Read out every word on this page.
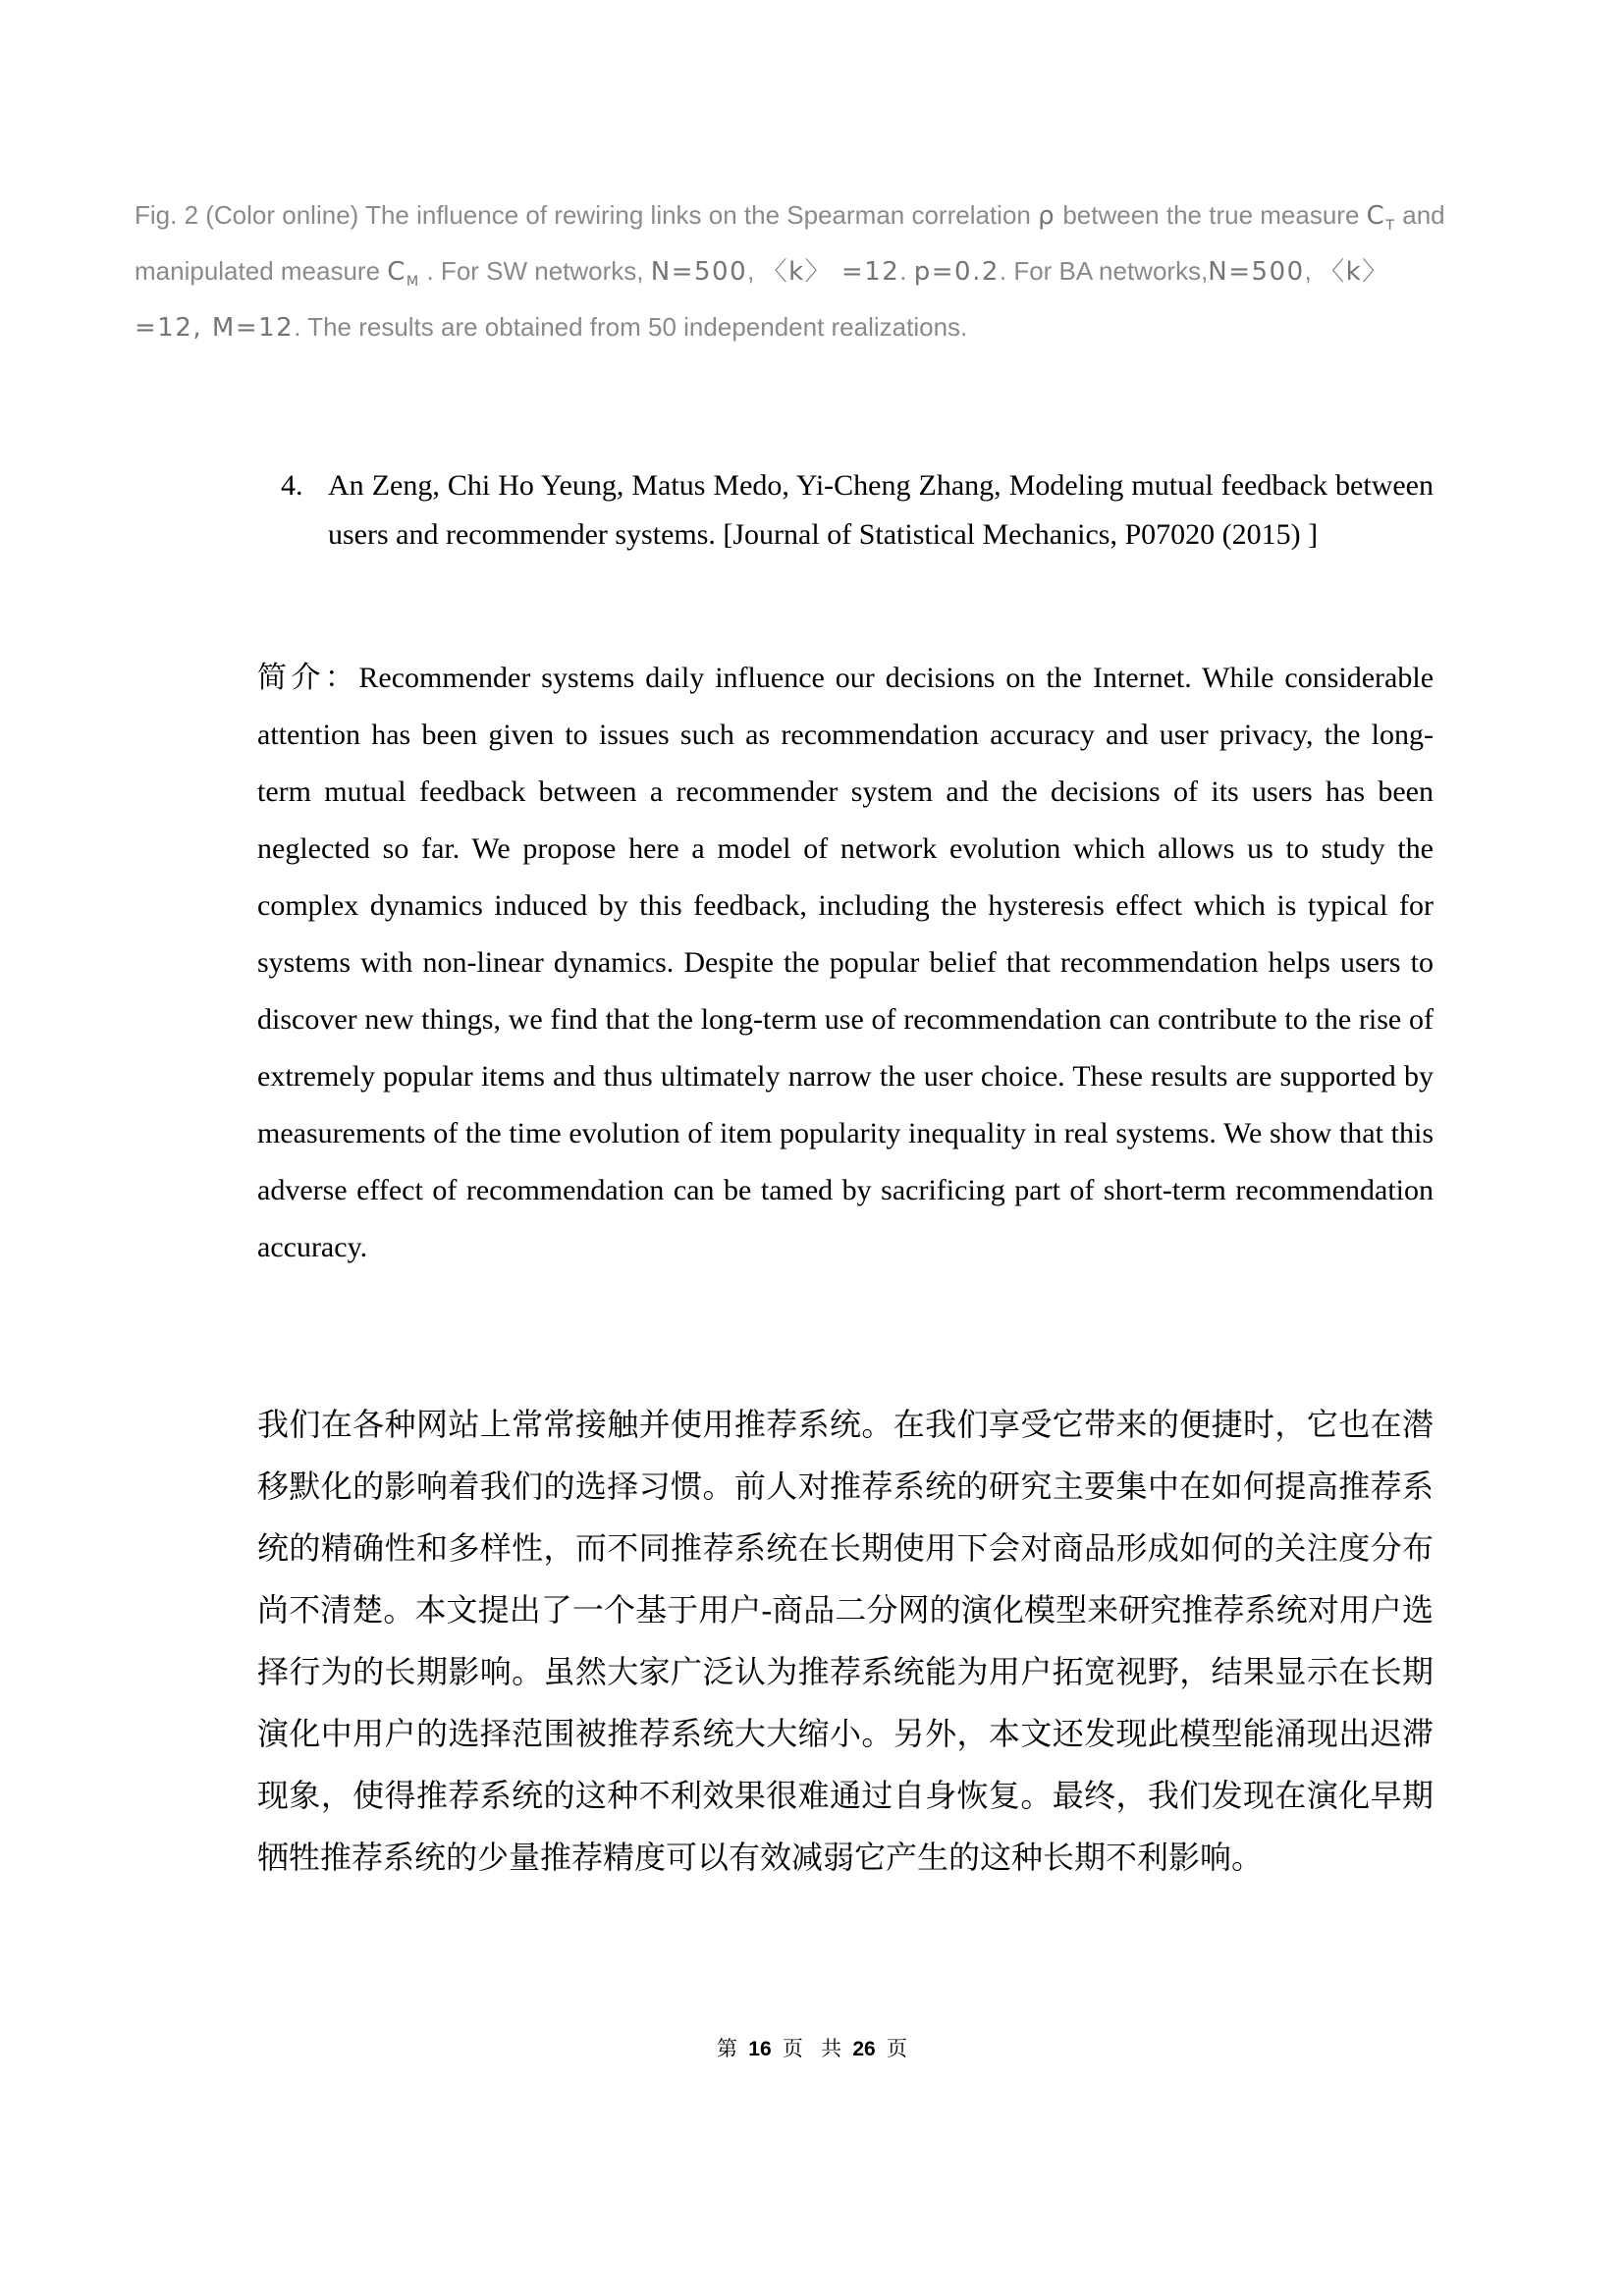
Fig. 2 (Color online) The influence of rewiring links on the Spearman correlation ρ between the true measure $C_T$ and manipulated measure $C_M$ . For SW networks, N=500, 〈k〉 =12. p=0.2. For BA networks,N=500, 〈k〉 =12, M=12. The results are obtained from 50 independent realizations.

4. An Zeng, Chi Ho Yeung, Matus Medo, Yi-Cheng Zhang, Modeling mutual feedback between users and recommender systems. [Journal of Statistical Mechanics, P07020 (2015) ]

简介：Recommender systems daily influence our decisions on the Internet. While considerable attention has been given to issues such as recommendation accuracy and user privacy, the long-term mutual feedback between a recommender system and the decisions of its users has been neglected so far. We propose here a model of network evolution which allows us to study the complex dynamics induced by this feedback, including the hysteresis effect which is typical for systems with non-linear dynamics. Despite the popular belief that recommendation helps users to discover new things, we find that the long-term use of recommendation can contribute to the rise of extremely popular items and thus ultimately narrow the user choice. These results are supported by measurements of the time evolution of item popularity inequality in real systems. We show that this adverse effect of recommendation can be tamed by sacrificing part of short-term recommendation accuracy.

我们在各种网站上常常接触并使用推荐系统。在我们享受它带来的便捷时，它也在潜移默化的影响着我们的选择习惯。前人对推荐系统的研究主要集中在如何提高推荐系统的精确性和多样性，而不同推荐系统在长期使用下会对商品形成如何的关注度分布尚不清楚。本文提出了一个基于用户-商品二分网的演化模型来研究推荐系统对用户选择行为的长期影响。虽然大家广泛认为推荐系统能为用户拓宽视野，结果显示在长期演化中用户的选择范围被推荐系统大大缩小。另外，本文还发现此模型能涌现出迟滞现象，使得推荐系统的这种不利效果很难通过自身恢复。最终，我们发现在演化早期牺牲推荐系统的少量推荐精度可以有效减弱它产生的这种长期不利影响。

第 16 页 共 26 页
